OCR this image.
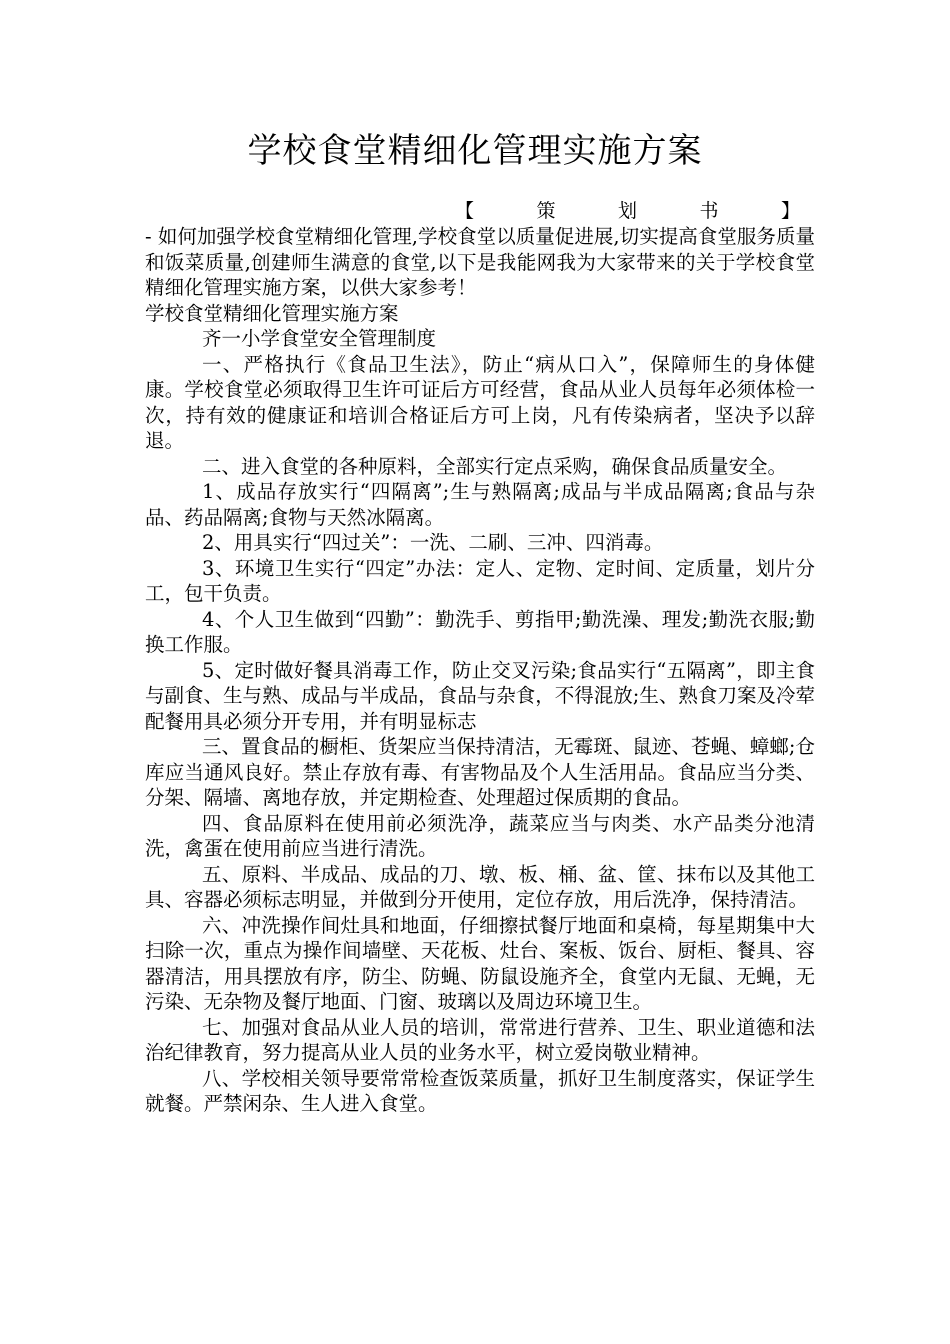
学校食堂精细化管理实施方案
【	策	划	书	】

- 如何加强学校食堂精细化管理,学校食堂以质量促进展,切实提高食堂服务质量和饭菜质量,创建师生满意的食堂,以下是我能网我为大家带来的关于学校食堂精细化管理实施方案，以供大家参考！

学校食堂精细化管理实施方案

齐一小学食堂安全管理制度

一、严格执行《食品卫生法》，防止“病从口入”，保障师生的身体健康。学校食堂必须取得卫生许可证后方可经营，食品从业人员每年必须体检一次，持有效的健康证和培训合格证后方可上岗，凡有传染病者，坚决予以辞退。

二、进入食堂的各种原料，全部实行定点采购，确保食品质量安全。

1、成品存放实行“四隔离”;生与熟隔离;成品与半成品隔离;食品与杂品、药品隔离;食物与天然冰隔离。

2、用具实行“四过关”：一洗、二刷、三冲、四消毒。

3、环境卫生实行“四定”办法：定人、定物、定时间、定质量，划片分工，包干负责。

4、个人卫生做到“四勤”：勤洗手、剪指甲;勤洗澡、理发;勤洗衣服;勤换工作服。

5、定时做好餐具消毒工作，防止交叉污染;食品实行“五隔离”，即主食与副食、生与熟、成品与半成品，食品与杂食，不得混放;生、熟食刀案及冷荤配餐用具必须分开专用，并有明显标志

三、置食品的橱柜、货架应当保持清洁，无霉斑、鼠迹、苍蝇、蟑螂;仓库应当通风良好。禁止存放有毒、有害物品及个人生活用品。食品应当分类、分架、隔墙、离地存放，并定期检查、处理超过保质期的食品。

四、食品原料在使用前必须洗净，蔬菜应当与肉类、水产品类分池清洗，禽蛋在使用前应当进行清洗。

五、原料、半成品、成品的刀、墩、板、桶、盆、筐、抹布以及其他工具、容器必须标志明显，并做到分开使用，定位存放，用后洗净，保持清洁。

六、冲洗操作间灶具和地面，仔细擦拭餐厅地面和桌椅，每星期集中大扫除一次，重点为操作间墙壁、天花板、灶台、案板、饭台、厨柜、餐具、容器清洁，用具摆放有序，防尘、防蝇、防鼠设施齐全，食堂内无鼠、无蝇，无污染、无杂物及餐厅地面、门窗、玻璃以及周边环境卫生。

七、加强对食品从业人员的培训，常常进行营养、卫生、职业道德和法治纪律教育，努力提高从业人员的业务水平，树立爱岗敬业精神。

八、学校相关领导要常常检查饭菜质量，抓好卫生制度落实，保证学生就餐。严禁闲杂、生人进入食堂。
